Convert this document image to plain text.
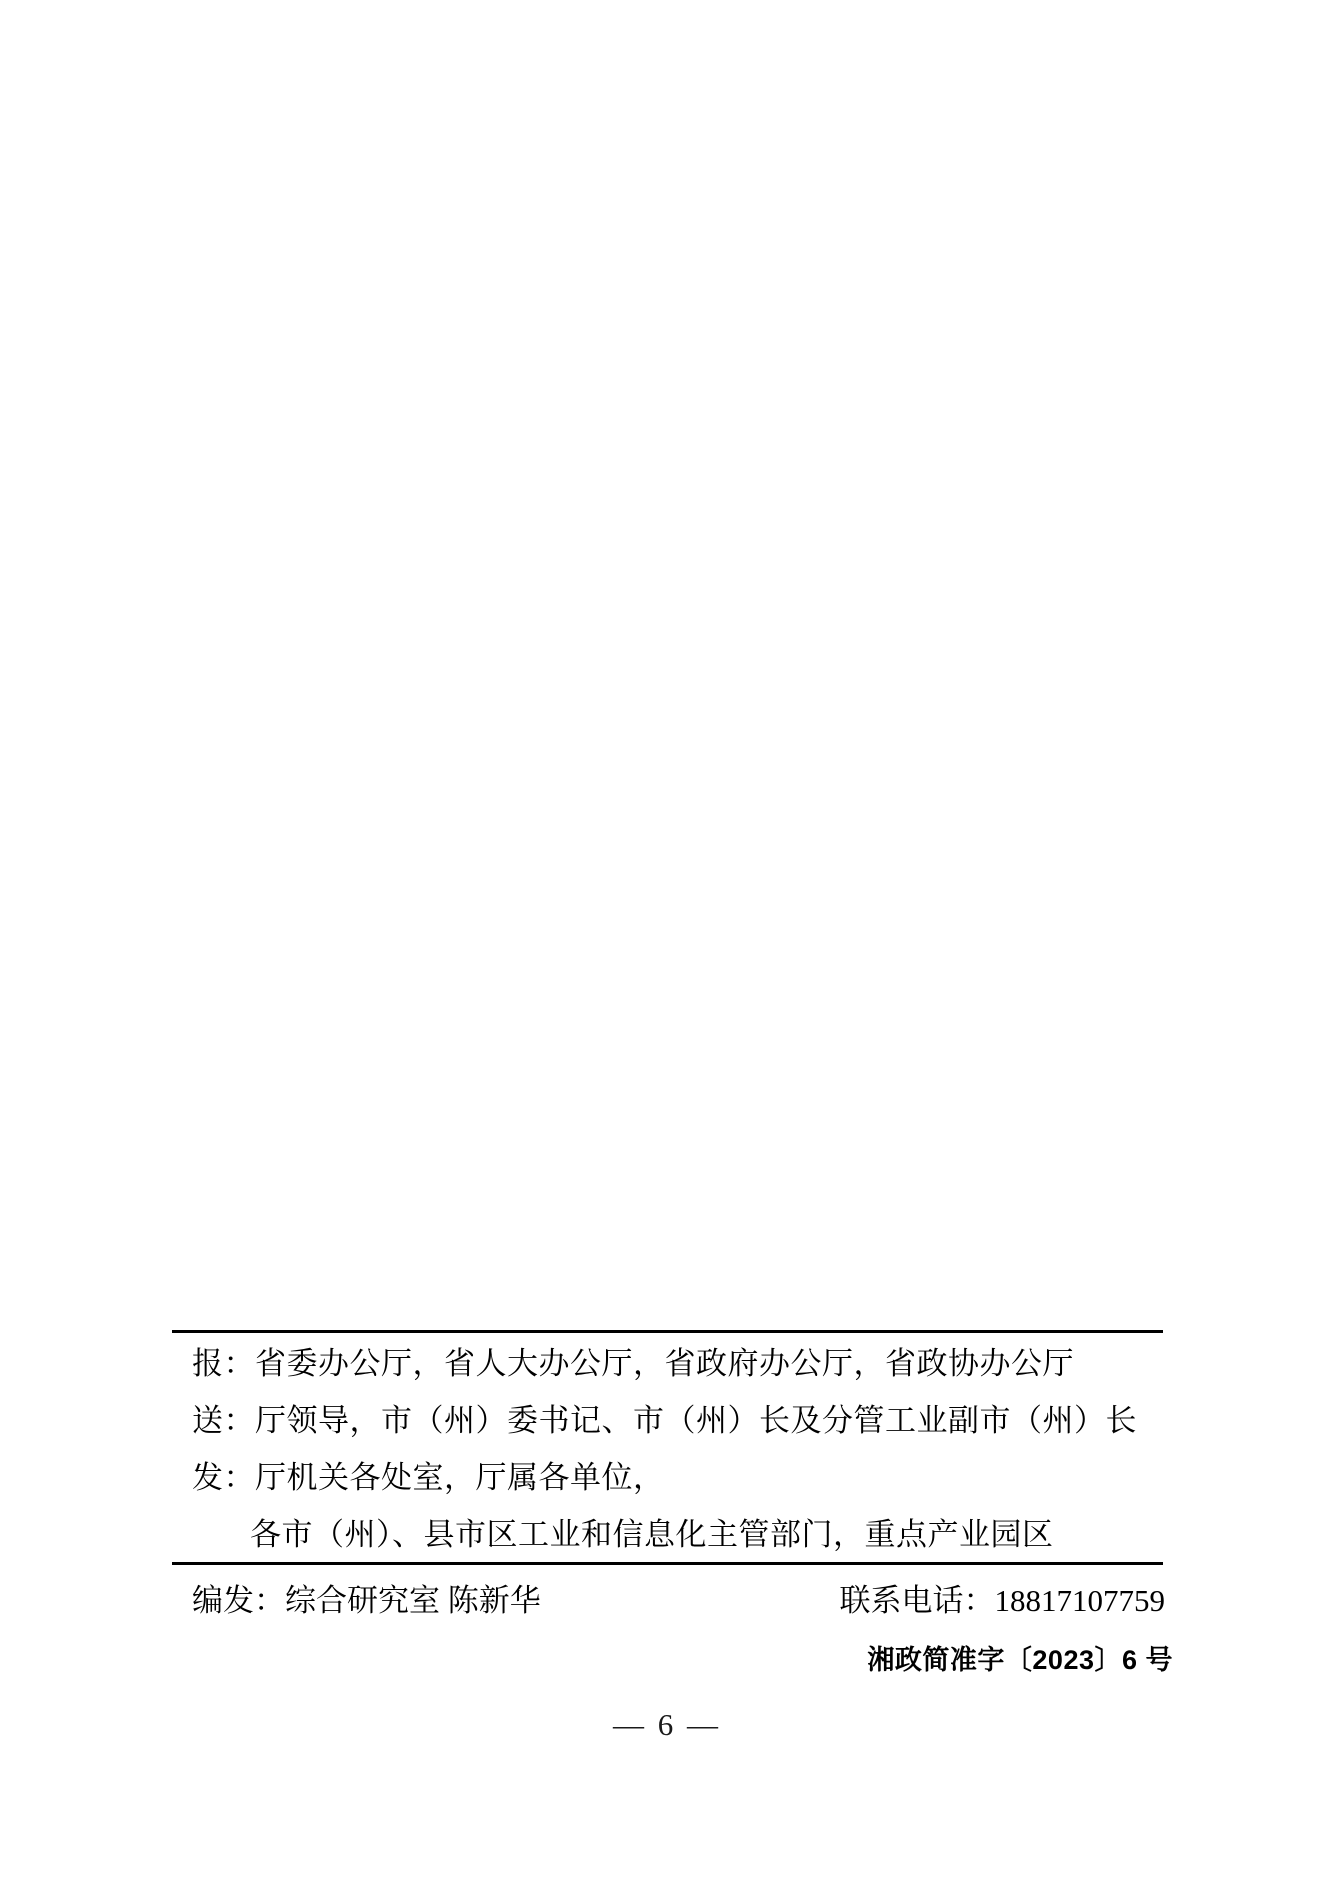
报：省委办公厅，省人大办公厅，省政府办公厅，省政协办公厅
送：厅领导，市（州）委书记、市（州）长及分管工业副市（州）长
发：厅机关各处室，厅属各单位，
各市（州）、县市区工业和信息化主管部门，重点产业园区
编发：综合研究室 陈新华	联系电话：18817107759
湘政简准字〔2023〕6 号
— 6 —
